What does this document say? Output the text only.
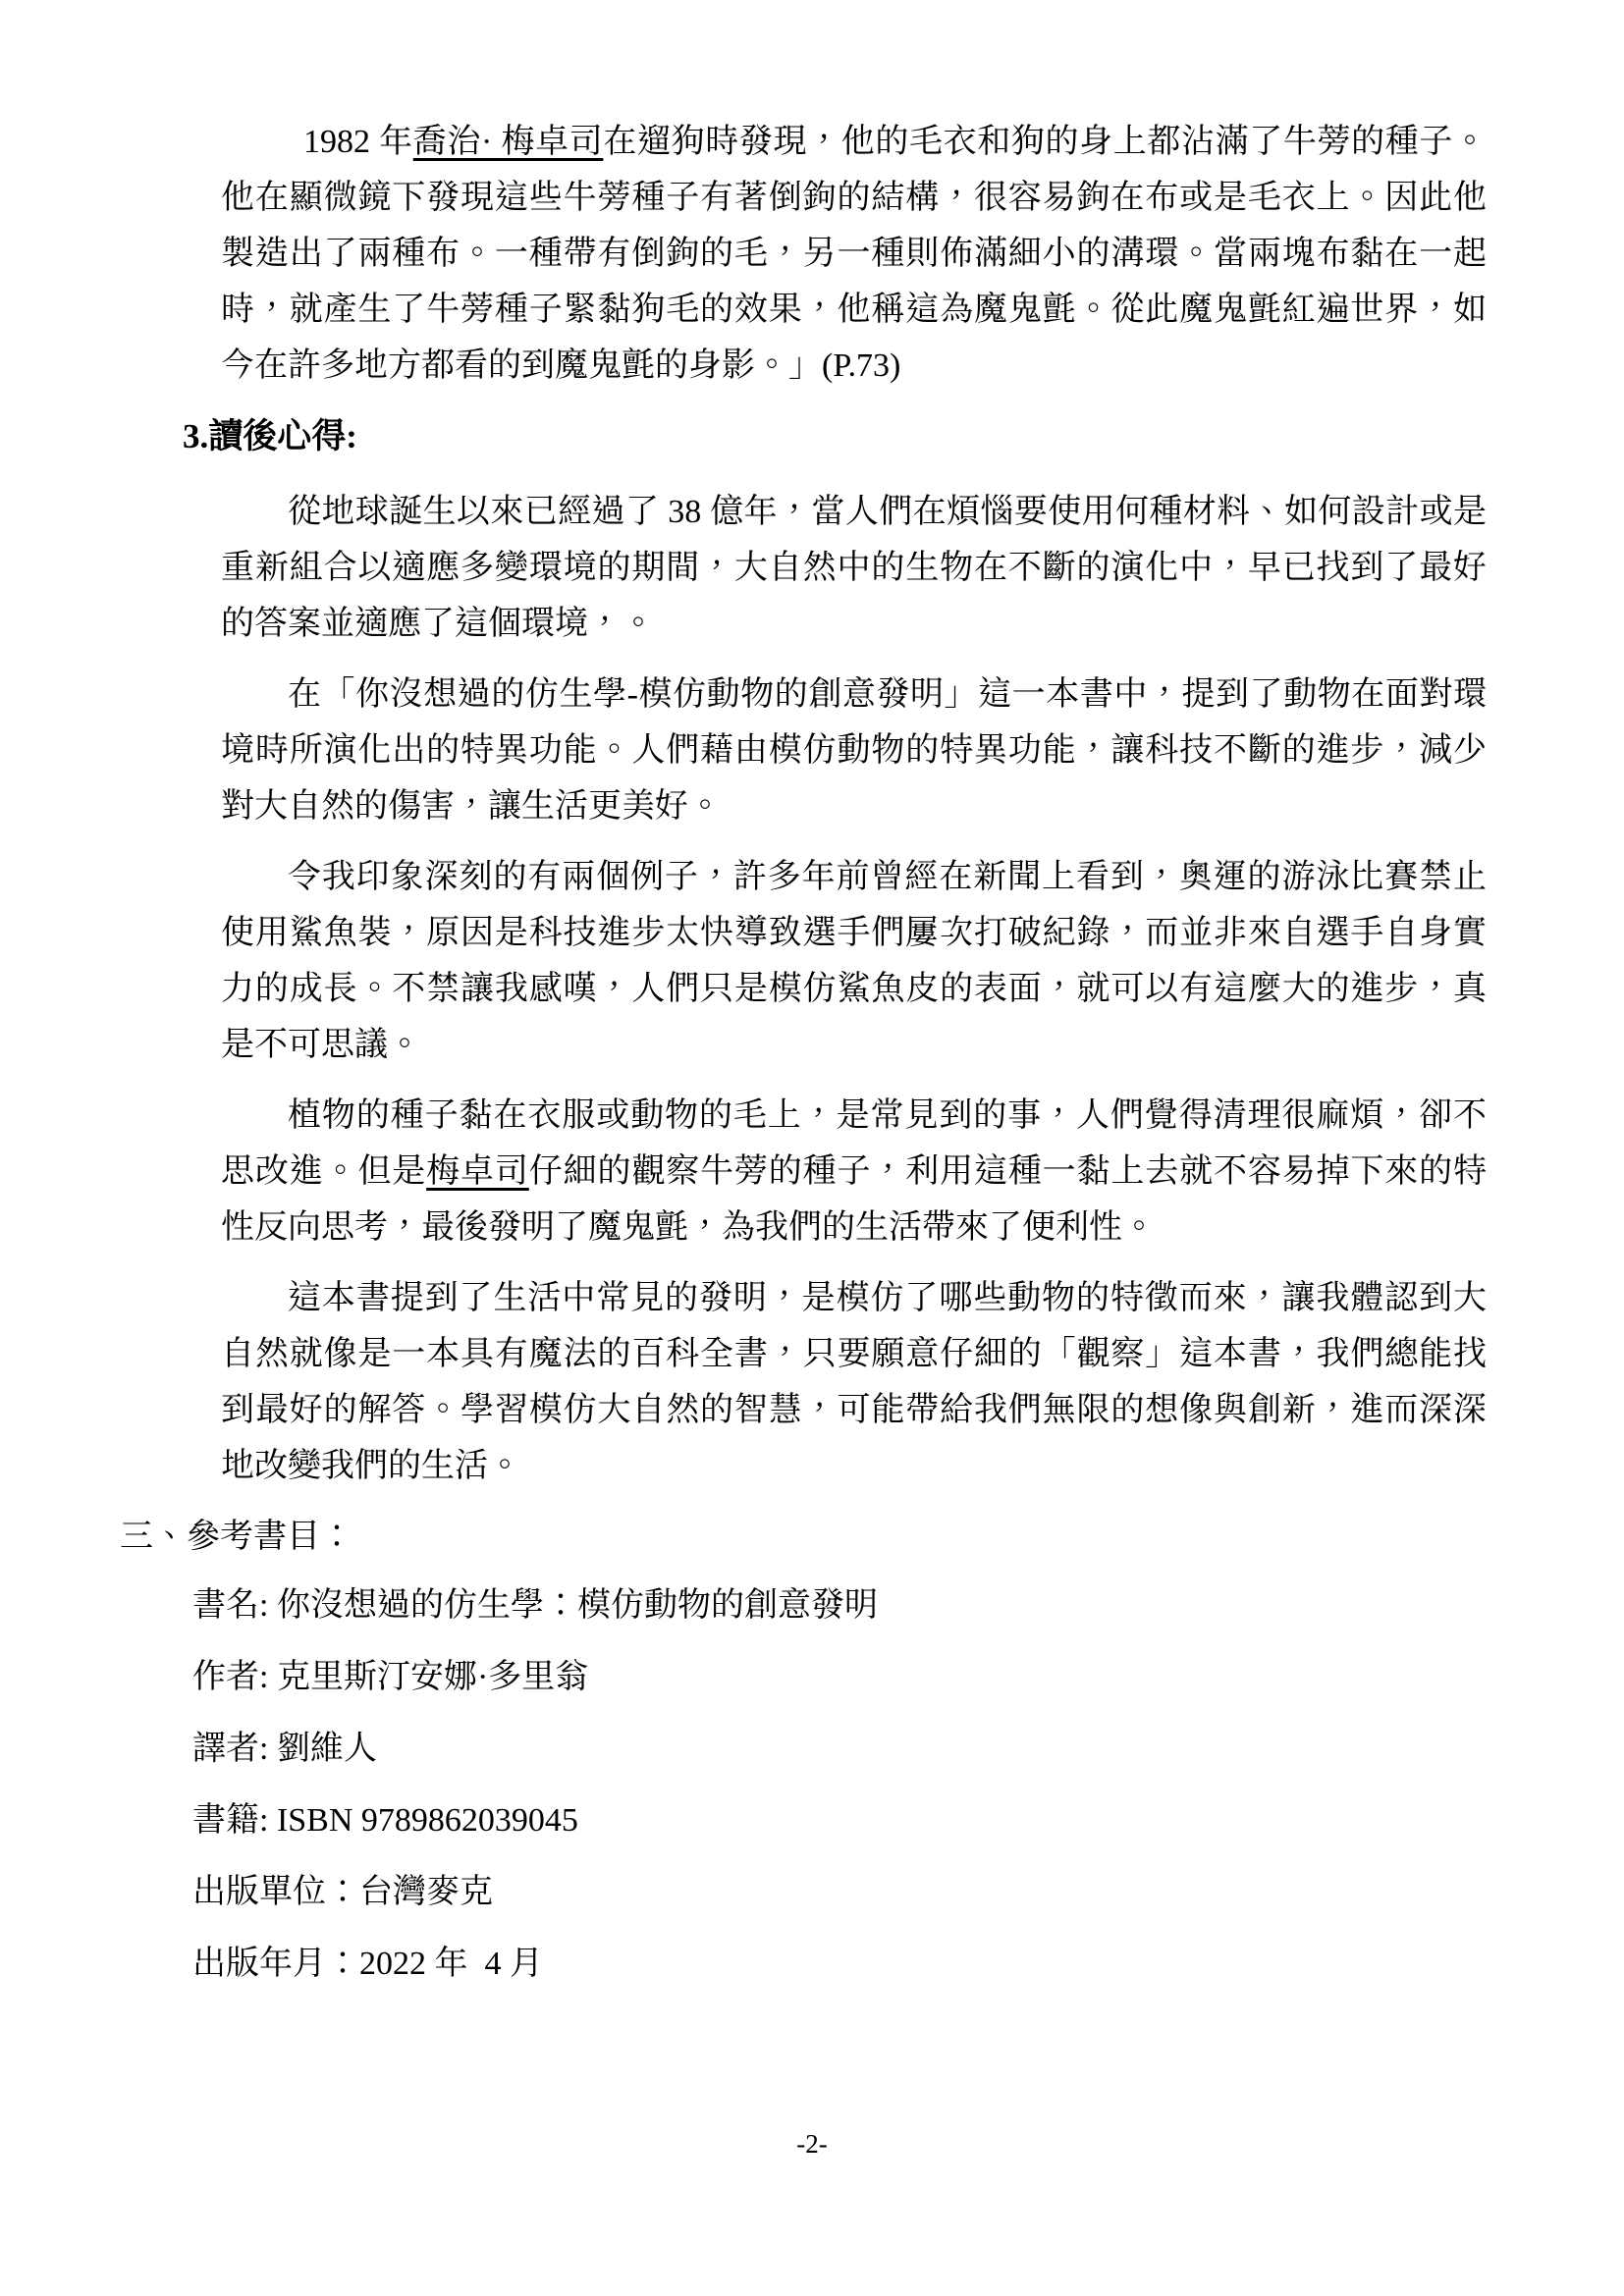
1982 年喬治· 梅卓司在遛狗時發現，他的毛衣和狗的身上都沾滿了牛蒡的種子。他在顯微鏡下發現這些牛蒡種子有著倒鉤的結構，很容易鉤在布或是毛衣上。因此他製造出了兩種布。一種帶有倒鉤的毛，另一種則佈滿細小的溝環。當兩塊布黏在一起時，就產生了牛蒡種子緊黏狗毛的效果，他稱這為魔鬼氈。從此魔鬼氈紅遍世界，如今在許多地方都看的到魔鬼氈的身影。」(P.73)

3.讀後心得:

從地球誕生以來已經過了 38 億年，當人們在煩惱要使用何種材料、如何設計或是重新組合以適應多變環境的期間，大自然中的生物在不斷的演化中，早已找到了最好的答案並適應了這個環境，。

在「你沒想過的仿生學-模仿動物的創意發明」這一本書中，提到了動物在面對環境時所演化出的特異功能。人們藉由模仿動物的特異功能，讓科技不斷的進步，減少對大自然的傷害，讓生活更美好。

令我印象深刻的有兩個例子，許多年前曾經在新聞上看到，奧運的游泳比賽禁止使用鯊魚裝，原因是科技進步太快導致選手們屢次打破紀錄，而並非來自選手自身實力的成長。不禁讓我感嘆，人們只是模仿鯊魚皮的表面，就可以有這麼大的進步，真是不可思議。

植物的種子黏在衣服或動物的毛上，是常見到的事，人們覺得清理很麻煩，卻不思改進。但是梅卓司仔細的觀察牛蒡的種子，利用這種一黏上去就不容易掉下來的特性反向思考，最後發明了魔鬼氈，為我們的生活帶來了便利性。

這本書提到了生活中常見的發明，是模仿了哪些動物的特徵而來，讓我體認到大自然就像是一本具有魔法的百科全書，只要願意仔細的「觀察」這本書，我們總能找到最好的解答。學習模仿大自然的智慧，可能帶給我們無限的想像與創新，進而深深地改變我們的生活。

三、參考書目：
書名: 你沒想過的仿生學：模仿動物的創意發明
作者: 克里斯汀安娜·多里翁
譯者: 劉維人
書籍: ISBN 9789862039045
出版單位：台灣麥克
出版年月：2022 年  4 月
-2-
